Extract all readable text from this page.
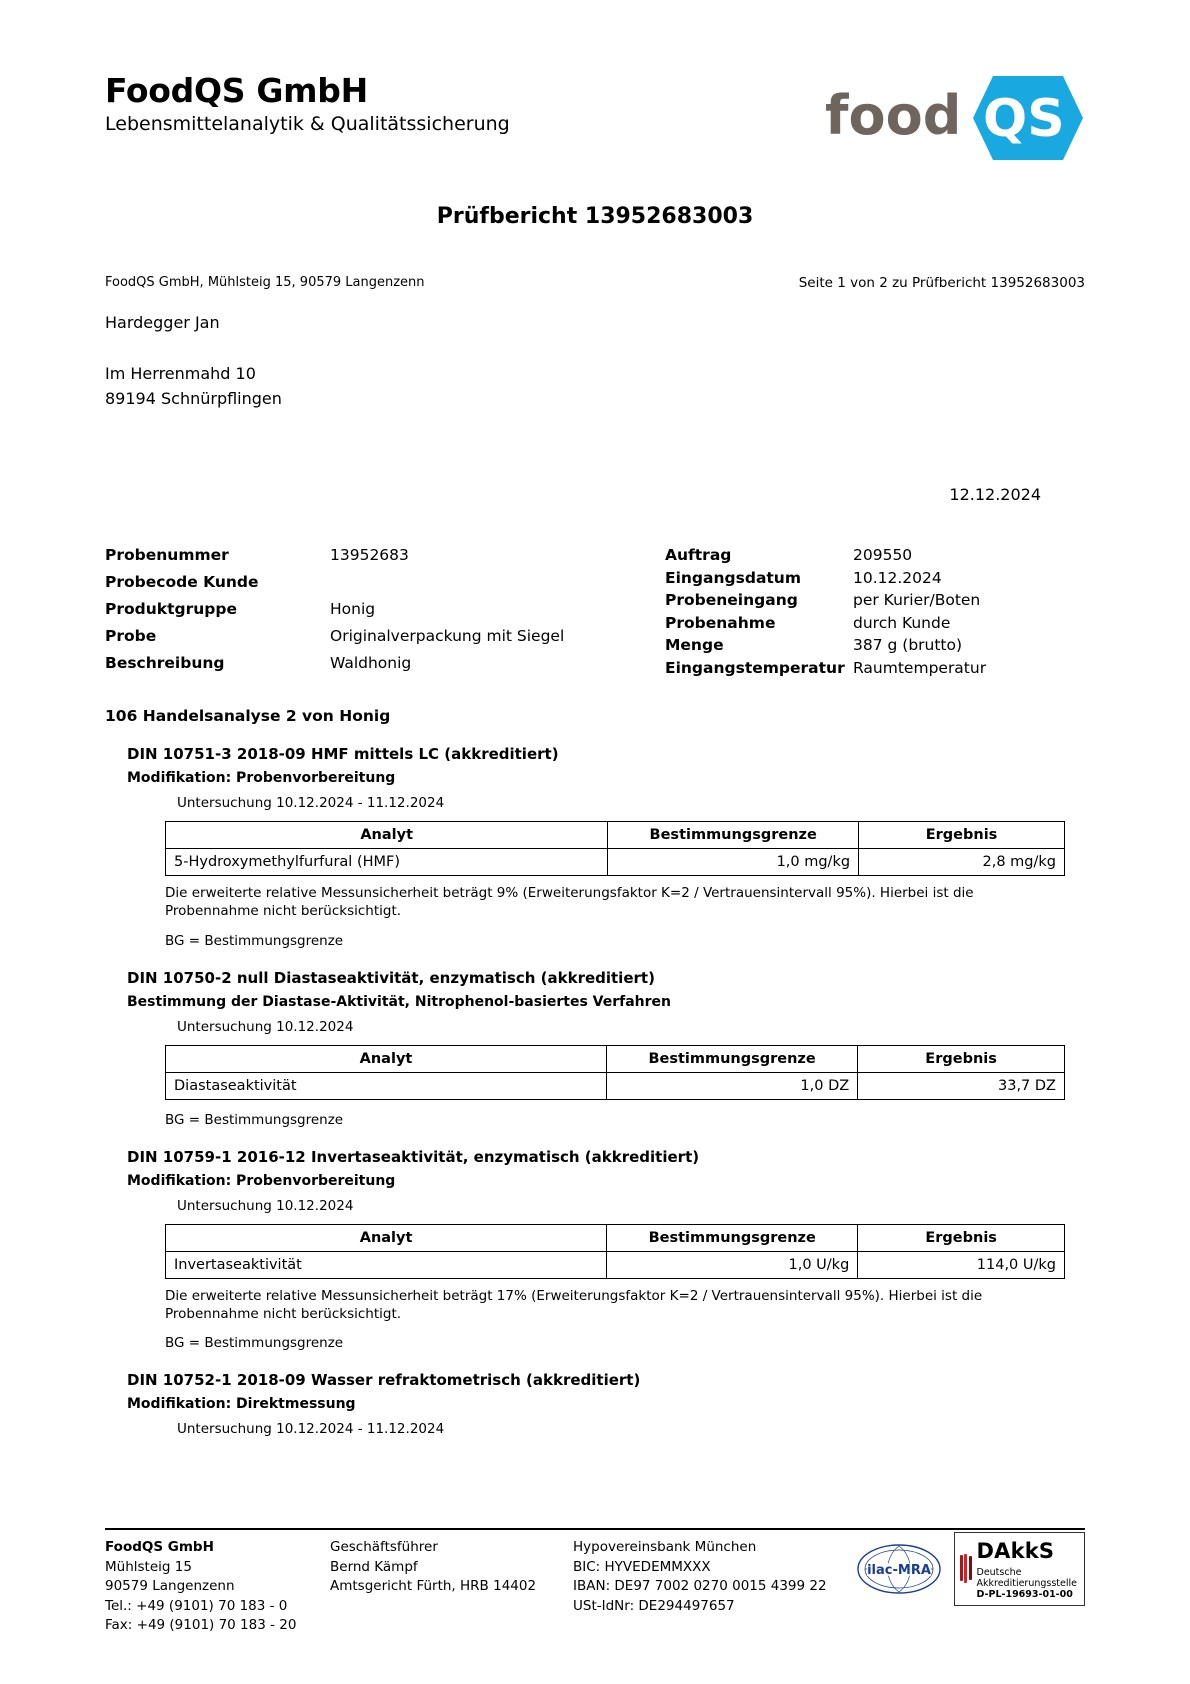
FoodQS GmbH
Lebensmittelanalytik & Qualitätssicherung	food QS
Prüfbericht 13952683003
FoodQS GmbH, Mühlsteig 15, 90579 Langenzenn	Seite 1 von 2 zu Prüfbericht 13952683003
Hardegger Jan
Im Herrenmahd 10
89194 Schnürpflingen
12.12.2024
Probenummer	13952683
Probecode Kunde
Produktgruppe	Honig
Probe	Originalverpackung mit Siegel
Beschreibung	Waldhonig
Auftrag	209550
Eingangsdatum	10.12.2024
Probeneingang	per Kurier/Boten
Probenahme	durch Kunde
Menge	387 g (brutto)
Eingangstemperatur Raumtemperatur
106 Handelsanalyse 2 von Honig
DIN 10751-3 2018-09 HMF mittels LC (akkreditiert)
Modifikation: Probenvorbereitung
Untersuchung 10.12.2024 - 11.12.2024
Analyt	Bestimmungsgrenze	Ergebnis
5-Hydroxymethylfurfural (HMF)	1,0 mg/kg	2,8 mg/kg
Die erweiterte relative Messunsicherheit beträgt 9% (Erweiterungsfaktor K=2 / Vertrauensintervall 95%). Hierbei ist die Probennahme nicht berücksichtigt.
BG = Bestimmungsgrenze
DIN 10750-2 null Diastaseaktivität, enzymatisch (akkreditiert)
Bestimmung der Diastase-Aktivität, Nitrophenol-basiertes Verfahren
Untersuchung 10.12.2024
Analyt	Bestimmungsgrenze	Ergebnis
Diastaseaktivität	1,0 DZ	33,7 DZ
BG = Bestimmungsgrenze
DIN 10759-1 2016-12 Invertaseaktivität, enzymatisch (akkreditiert)
Modifikation: Probenvorbereitung
Untersuchung 10.12.2024
Analyt	Bestimmungsgrenze	Ergebnis
Invertaseaktivität	1,0 U/kg	114,0 U/kg
Die erweiterte relative Messunsicherheit beträgt 17% (Erweiterungsfaktor K=2 / Vertrauensintervall 95%). Hierbei ist die Probennahme nicht berücksichtigt.
BG = Bestimmungsgrenze
DIN 10752-1 2018-09 Wasser refraktometrisch (akkreditiert)
Modifikation: Direktmessung
Untersuchung 10.12.2024 - 11.12.2024
FoodQS GmbH
Mühlsteig 15
90579 Langenzenn
Tel.: +49 (9101) 70 183 - 0
Fax: +49 (9101) 70 183 - 20
Geschäftsführer
Bernd Kämpf
Amtsgericht Fürth, HRB 14402
Hypovereinsbank München
BIC: HYVEDEMMXXX
IBAN: DE97 7002 0270 0015 4399 22
USt-IdNr: DE294497657
ilac-MRA
DAkkS
Deutsche
Akkreditierungsstelle
D-PL-19693-01-00
